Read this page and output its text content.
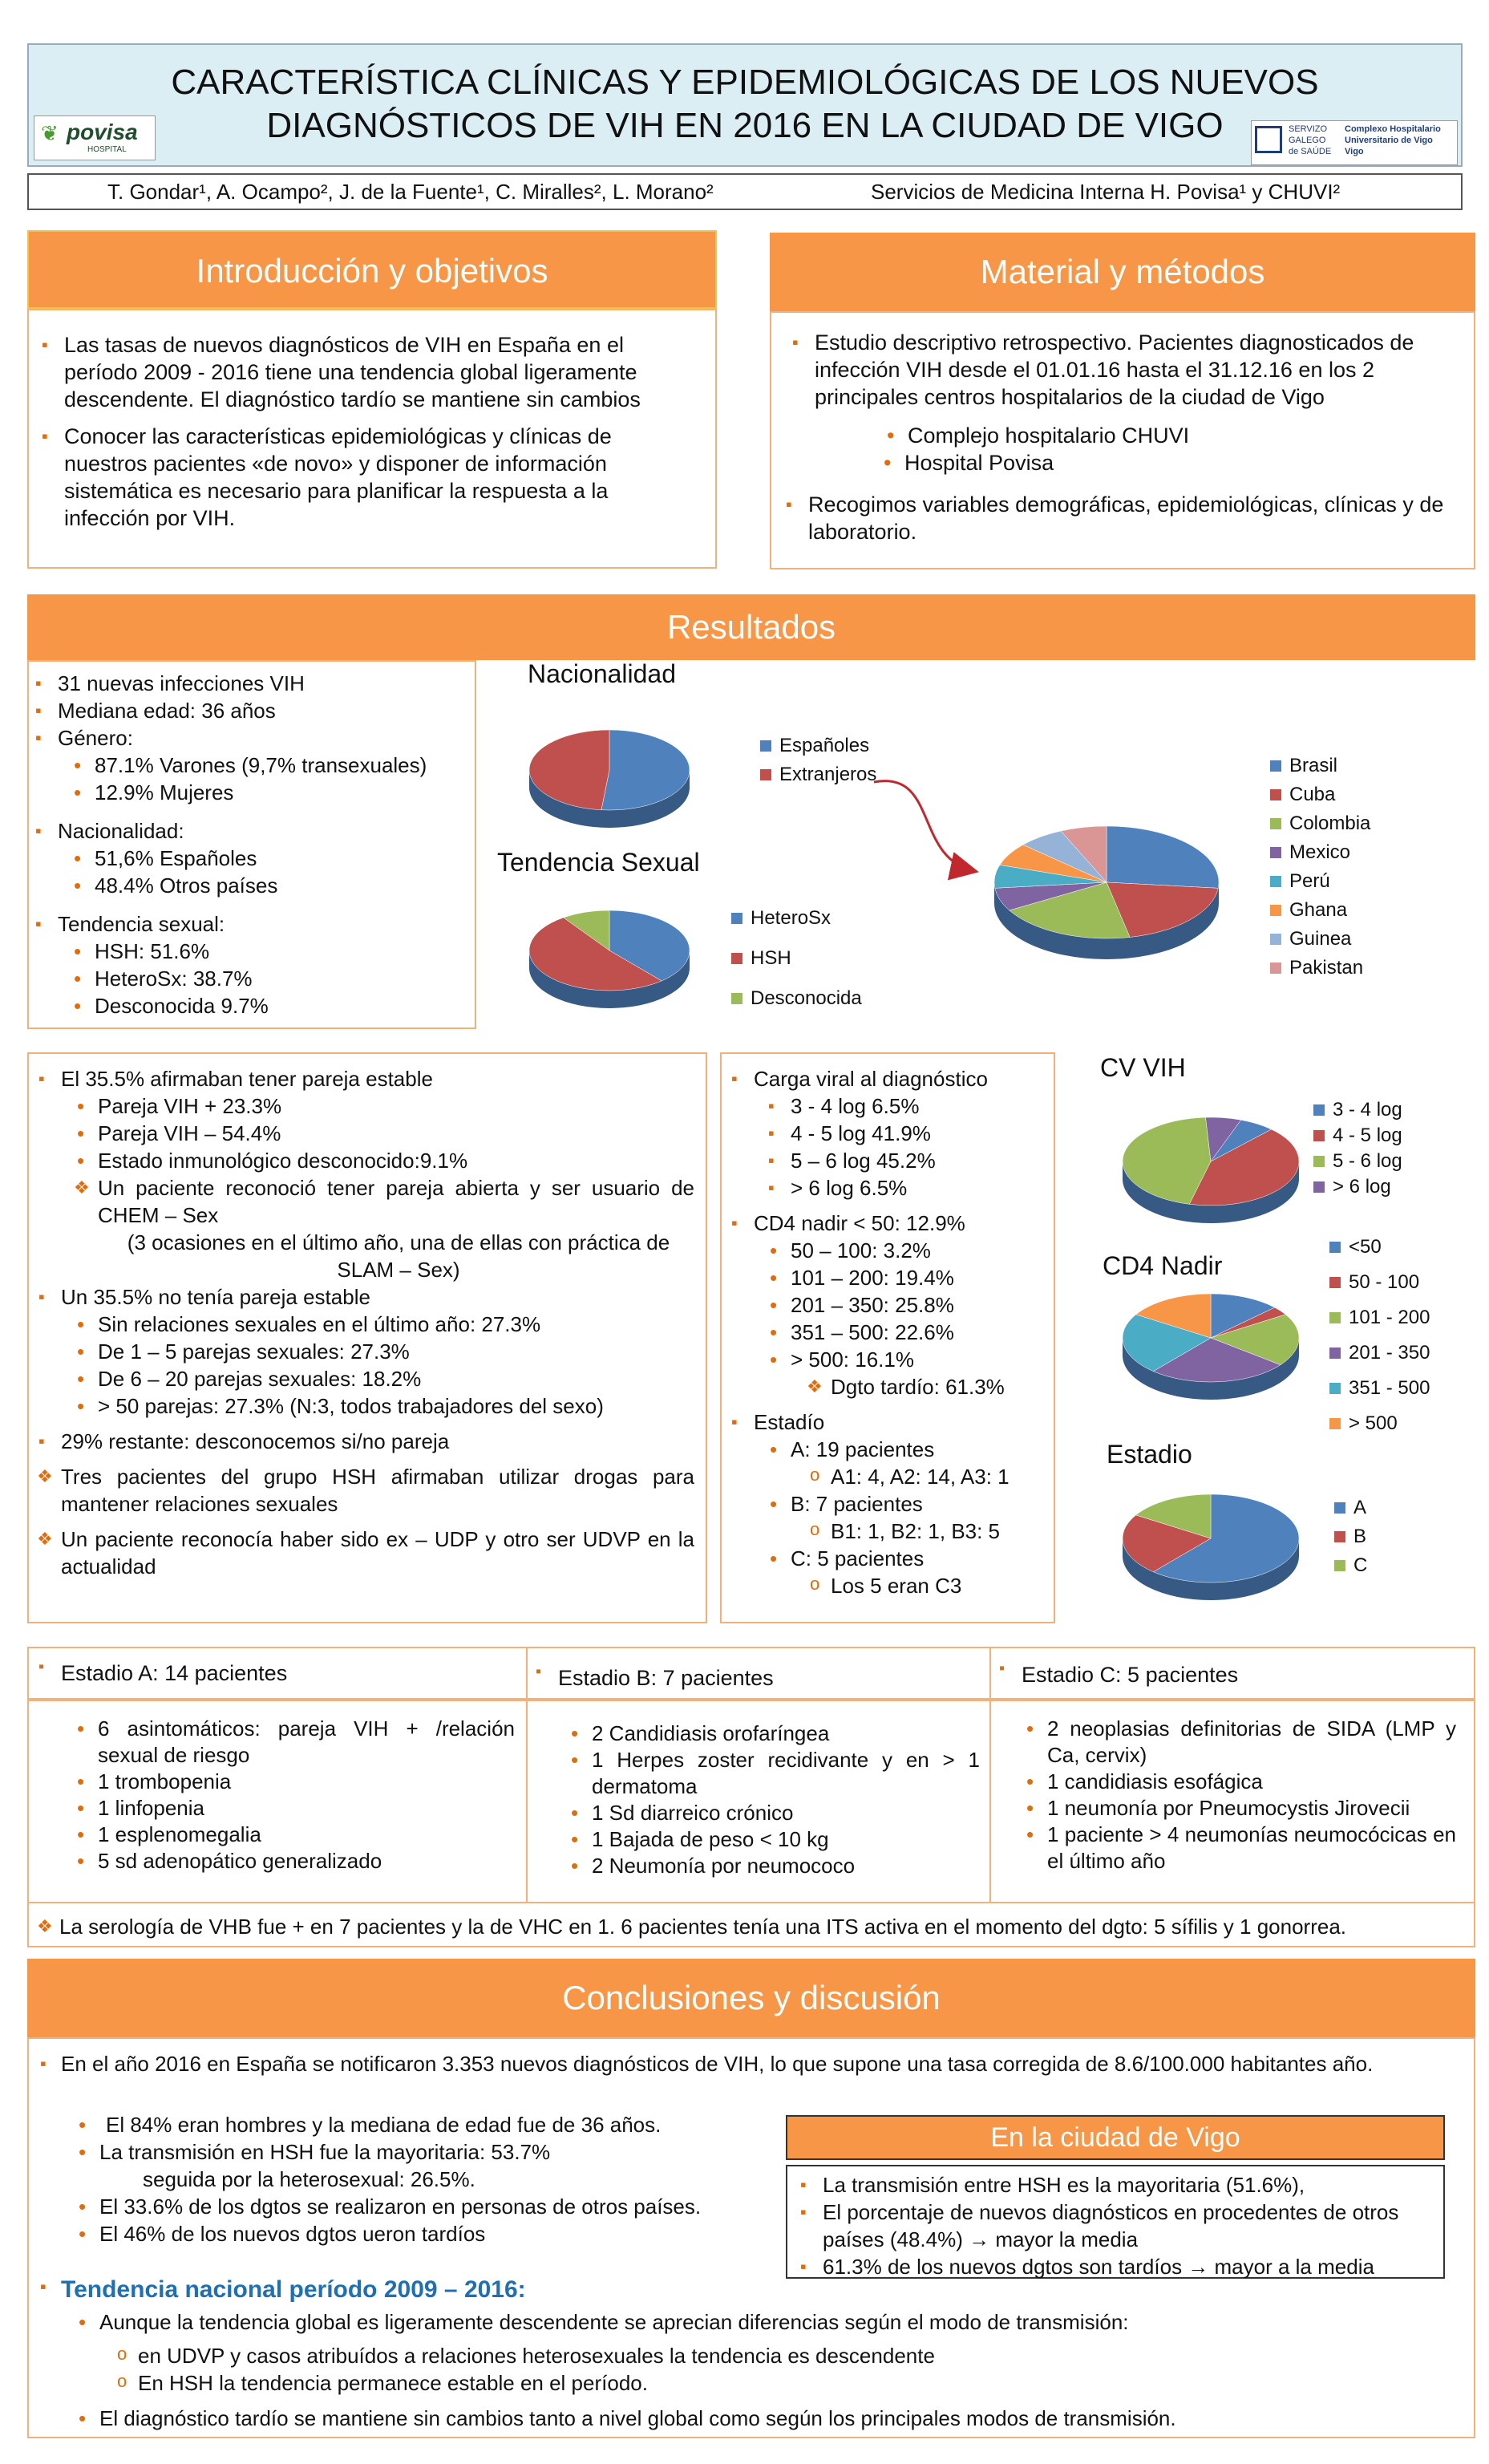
CARACTERÍSTICA CLÍNICAS Y EPIDEMIOLÓGICAS DE LOS NUEVOS
DIAGNÓSTICOS DE VIH EN 2016 EN LA CIUDAD DE VIGO
❦ povisa
HOSPITAL
SERVIZO
GALEGO
de SAÚDE
Complexo Hospitalario
Universitario de Vigo
Vigo
T. Gondar¹, A. Ocampo², J. de la Fuente¹, C. Miralles², L. Morano²	Servicios de Medicina Interna H. Povisa¹ y CHUVI²
Introducción y objetivos
▪ Las tasas de nuevos diagnósticos de VIH en España en el período 2009 - 2016 tiene una tendencia global ligeramente descendente. El diagnóstico tardío se mantiene sin cambios
▪ Conocer las características epidemiológicas y clínicas de nuestros pacientes «de novo» y disponer de información sistemática es necesario para planificar la respuesta a la infección por VIH.
Material y métodos
▪ Estudio descriptivo retrospectivo. Pacientes diagnosticados de infección VIH desde el 01.01.16 hasta el 31.12.16 en los 2 principales centros hospitalarios de la ciudad de Vigo
• Complejo hospitalario CHUVI
• Hospital Povisa
▪ Recogimos variables demográficas, epidemiológicas, clínicas y de laboratorio.
Resultados
▪ 31 nuevas infecciones VIH
▪ Mediana edad: 36 años
▪ Género:
• 87.1% Varones (9,7% transexuales)
• 12.9% Mujeres
▪ Nacionalidad:
• 51,6% Españoles
• 48.4% Otros países
▪ Tendencia sexual:
• HSH: 51.6%
• HeteroSx: 38.7%
• Desconocida 9.7%
Nacionalidad
Tendencia Sexual
CV VIH
CD4 Nadir
Estadio
Españoles
Extranjeros	Brasil
Cuba
Colombia
Mexico
Perú
Ghana
Guinea
Pakistan
HeteroSx
HSH
Desconocida
3 - 4 log
4 - 5 log
5 - 6 log
> 6 log
<50
50 - 100
101 - 200
201 - 350
351 - 500
> 500
A
B
C
▪ El 35.5% afirmaban tener pareja estable
• Pareja VIH + 23.3%
• Pareja VIH – 54.4%
• Estado inmunológico desconocido:9.1%
❖ Un paciente reconoció tener pareja abierta y ser usuario de CHEM – Sex
(3 ocasiones en el último año, una de ellas con práctica de SLAM – Sex)
▪ Un 35.5% no tenía pareja estable
• Sin relaciones sexuales en el último año: 27.3%
• De 1 – 5 parejas sexuales: 27.3%
• De 6 – 20 parejas sexuales: 18.2%
• > 50 parejas: 27.3% (N:3, todos trabajadores del sexo)
▪ 29% restante: desconocemos si/no pareja
❖ Tres pacientes del grupo HSH afirmaban utilizar drogas para mantener relaciones sexuales
❖ Un paciente reconocía haber sido ex – UDP y otro ser UDVP en la actualidad
▪ Carga viral al diagnóstico
▪ 3 - 4 log 6.5%
▪ 4 - 5 log 41.9%
▪ 5 – 6 log 45.2%
▪ > 6 log 6.5%
▪ CD4 nadir < 50: 12.9%
• 50 – 100: 3.2%
• 101 – 200: 19.4%
• 201 – 350: 25.8%
• 351 – 500: 22.6%
• > 500: 16.1%
❖ Dgto tardío: 61.3%
▪ Estadío
• A: 19 pacientes
o A1: 4, A2: 14, A3: 1
• B: 7 pacientes
o B1: 1, B2: 1, B3: 5
• C: 5 pacientes
o Los 5 eran C3
Estadio A: 14 pacientes
▪	Estadio B: 7 pacientes
▪	Estadio C: 5 pacientes
▪
• 6 asintomáticos: pareja VIH + /relación sexual de riesgo
• 1 trombopenia
• 1 linfopenia
• 1 esplenomegalia
• 5 sd adenopático generalizado
• 2 Candidiasis orofaríngea
• 1 Herpes zoster recidivante y en > 1 dermatoma
• 1 Sd diarreico crónico
• 1 Bajada de peso < 10 kg
• 2 Neumonía por neumococo
• 2 neoplasias definitorias de SIDA (LMP y Ca, cervix)
• 1 candidiasis esofágica
• 1 neumonía por Pneumocystis Jirovecii
• 1 paciente > 4 neumonías neumocócicas en el último año
❖ La serología de VHB fue + en 7 pacientes y la de VHC en 1. 6 pacientes tenía una ITS activa en el momento del dgto: 5 sífilis y 1 gonorrea.
Conclusiones y discusión
▪ En el año 2016 en España se notificaron 3.353 nuevos diagnósticos de VIH, lo que supone una tasa corregida de 8.6/100.000 habitantes año.
• El 84% eran hombres y la mediana de edad fue de 36 años.
• La transmisión en HSH fue la mayoritaria: 53.7%
seguida por la heterosexual: 26.5%.
• El 33.6% de los dgtos se realizaron en personas de otros países.
• El 46% de los nuevos dgtos ueron tardíos
▪ Tendencia nacional período 2009 – 2016:
• Aunque la tendencia global es ligeramente descendente se aprecian diferencias según el modo de transmisión:
o en UDVP y casos atribuídos a relaciones heterosexuales la tendencia es descendente
o En HSH la tendencia permanece estable en el período.
• El diagnóstico tardío se mantiene sin cambios tanto a nivel global como según los principales modos de transmisión.
En la ciudad de Vigo
▪ La transmisión entre HSH es la mayoritaria (51.6%),
▪ El porcentaje de nuevos diagnósticos en procedentes de otros países (48.4%) → mayor la media
▪ 61.3% de los nuevos dgtos son tardíos → mayor a la media
